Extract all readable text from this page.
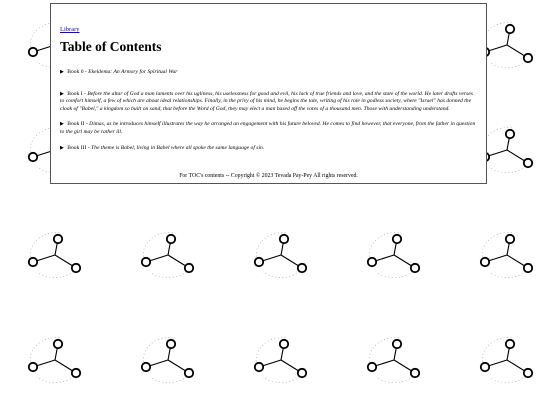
Library
Table of Contents
▶ Book 0 - Ekeldema: An Armory for Spiritual War
▶ Book I - Before the altar of God a man laments over his ugliness, his uselessness for good and evil, his lack of true friends and love, and the state of the world. He later drafts verses to comfort himself, a few of which are about ideal relationships. Finally, in the privy of his mind, he begins the tale, writing of his role in godless society, where "Israel" has donned the cloak of "Babel," a kingdom so built on sand, that before the Word of God, they may elect a man based off the votes of a thousand men. Those with understanding understand.
▶ Book II - Dimas, as he introduces himself illustrates the way he arranged an engagement with his future beloved. He comes to find however, that everyone, from the father in question to the girl may be rather ill.
▶ Book III - The theme is Babel, living in Babel where all spoke the same language of sin.
For TOC's contents -- Copyright © 2023 Tevada Pay-Pey All rights reserved.
